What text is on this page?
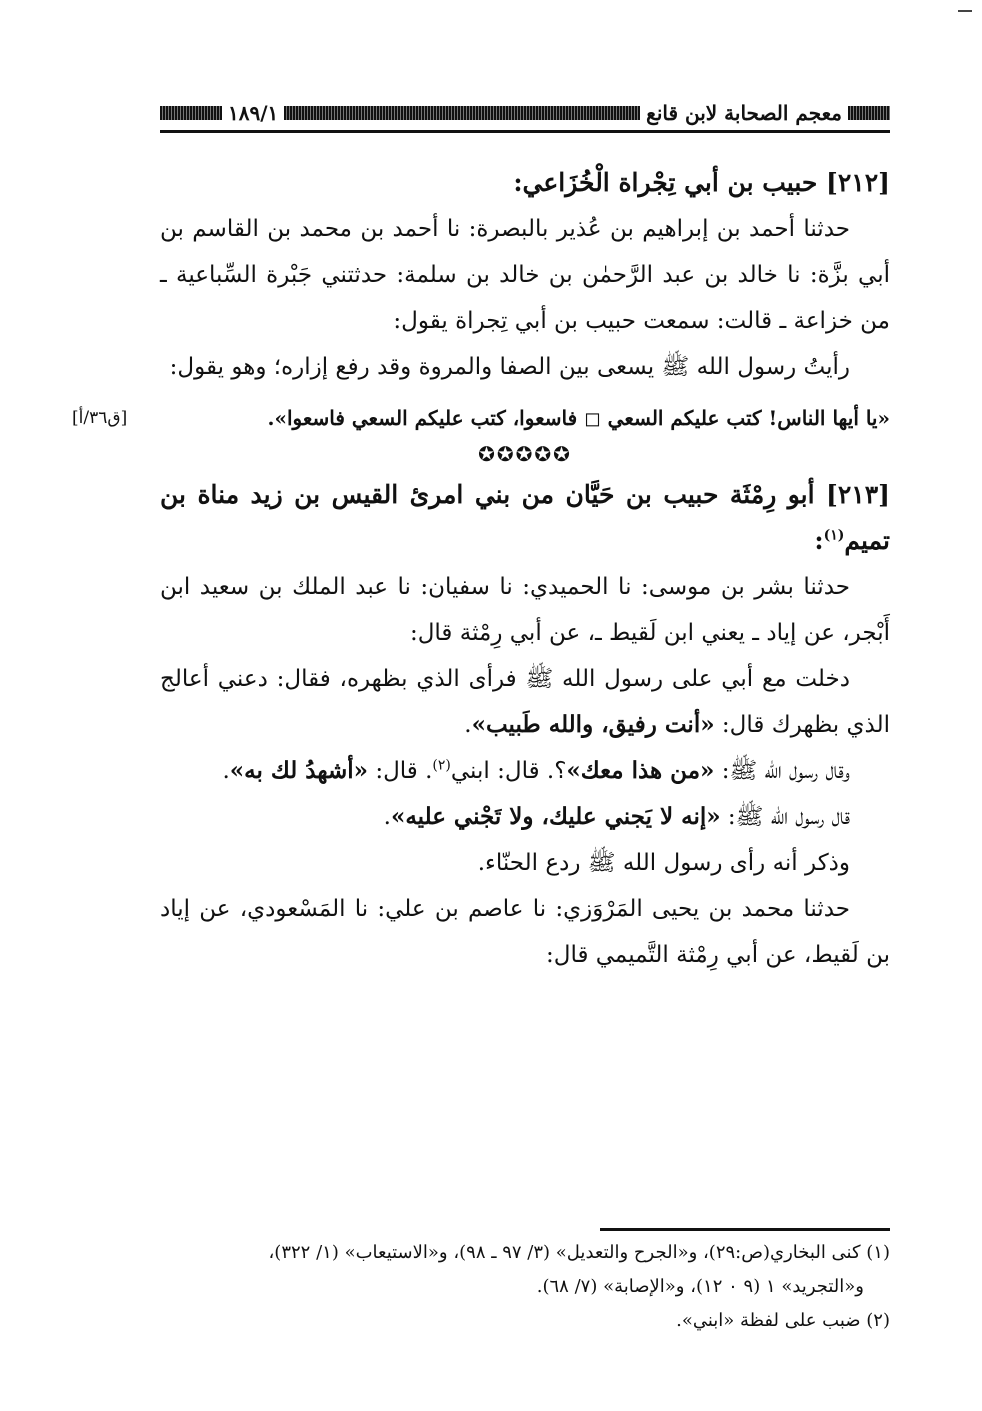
معجم الصحابة لابن قانع
١٨٩/١
[٢١٢] حبيب بن أبي تِجْراة الْخُزَاعي:

حدثنا أحمد بن إبراهيم بن عُذير بالبصرة: نا أحمد بن محمد بن القاسم بن أبي بزَّة: نا خالد بن عبد الرَّحمٰن بن خالد بن سلمة: حدثتني جَبْرة السِّباعية ـ من خزاعة ـ قالت: سمعت حبيب بن أبي تِجراة يقول:

رأيتُ رسول الله ﷺ يسعى بين الصفا والمروة وقد رفع إزاره؛ وهو يقول:

«يا أيها الناس! كتب عليكم السعي ◻ فاسعوا، كتب عليكم السعي فاسعوا».
[ق٣٦/أ]
✪✪✪✪✪
[٢١٣] أبو رِمْثَة حبيب بن حَيَّان من بني امرئ القيس بن زيد مناة بن تميم$^{(١)}$:

حدثنا بشر بن موسى: نا الحميدي: نا سفيان: نا عبد الملك بن سعيد ابن أَبْجر، عن إياد ـ يعني ابن لَقيط ـ، عن أبي رِمْثة قال:

دخلت مع أبي على رسول الله ﷺ فرأى الذي بظهره، فقال: دعني أعالج الذي بظهرك قال: «أنت رفيق، والله طَبيب».

وقال رسول الله ﷺ: «من هذا معك»؟. قال: ابني$^{(٢)}$. قال: «أشهدُ لك به».

قال رسول الله ﷺ: «إنه لا يَجني عليك، ولا تَجْني عليه».

وذكر أنه رأى رسول الله ﷺ ردع الحنّاء.

حدثنا محمد بن يحيى المَرْوَزي: نا عاصم بن علي: نا المَسْعودي، عن إياد بن لَقيط، عن أبي رِمْثة التَّميمي قال:

(١) كنى البخاري(ص:٢٩)، و«الجرح والتعديل» (٣/ ٩٧ ـ ٩٨)، و«الاستيعاب» (١/ ٣٢٢)،

و«التجريد» ١ (٩ ٠ ١٢)، و«الإصابة» (٧/ ٦٨).

(٢) ضبب على لفظة «ابني».
